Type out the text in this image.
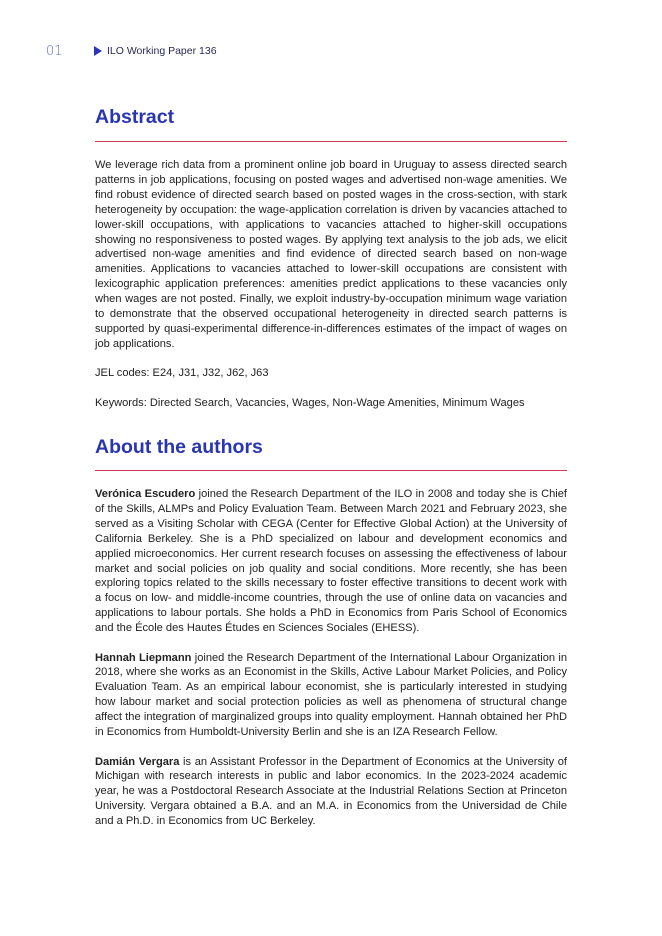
01	ILO Working Paper 136
Abstract

We leverage rich data from a prominent online job board in Uruguay to assess directed search patterns in job applications, focusing on posted wages and advertised non-wage amenities. We find robust evidence of directed search based on posted wages in the cross-section, with stark heterogeneity by occupation: the wage-application correlation is driven by vacancies attached to lower-skill occupations, with applications to vacancies attached to higher-skill occupations showing no responsiveness to posted wages. By applying text analysis to the job ads, we elicit advertised non-wage amenities and find evidence of directed search based on non-wage amenities. Applications to vacancies attached to lower-skill occupations are consistent with lexicographic application preferences: amenities predict applications to these vacancies only when wages are not posted. Finally, we exploit industry-by-occupation minimum wage variation to demonstrate that the observed occupational heterogeneity in directed search patterns is supported by quasi-experimental difference-in-differences estimates of the impact of wages on job applications.

JEL codes: E24, J31, J32, J62, J63

Keywords: Directed Search, Vacancies, Wages, Non-Wage Amenities, Minimum Wages

About the authors

Verónica Escudero joined the Research Department of the ILO in 2008 and today she is Chief of the Skills, ALMPs and Policy Evaluation Team. Between March 2021 and February 2023, she served as a Visiting Scholar with CEGA (Center for Effective Global Action) at the University of California Berkeley. She is a PhD specialized on labour and development economics and applied microeconomics. Her current research focuses on assessing the effectiveness of labour market and social policies on job quality and social conditions. More recently, she has been exploring topics related to the skills necessary to foster effective transitions to decent work with a focus on low- and middle-income countries, through the use of online data on vacancies and applications to labour portals. She holds a PhD in Economics from Paris School of Economics and the École des Hautes Études en Sciences Sociales (EHESS).

Hannah Liepmann joined the Research Department of the International Labour Organization in 2018, where she works as an Economist in the Skills, Active Labour Market Policies, and Policy Evaluation Team. As an empirical labour economist, she is particularly interested in studying how labour market and social protection policies as well as phenomena of structural change affect the integration of marginalized groups into quality employment. Hannah obtained her PhD in Economics from Humboldt-University Berlin and she is an IZA Research Fellow.

Damián Vergara is an Assistant Professor in the Department of Economics at the University of Michigan with research interests in public and labor economics. In the 2023-2024 academic year, he was a Postdoctoral Research Associate at the Industrial Relations Section at Princeton University. Vergara obtained a B.A. and an M.A. in Economics from the Universidad de Chile and a Ph.D. in Economics from UC Berkeley.
